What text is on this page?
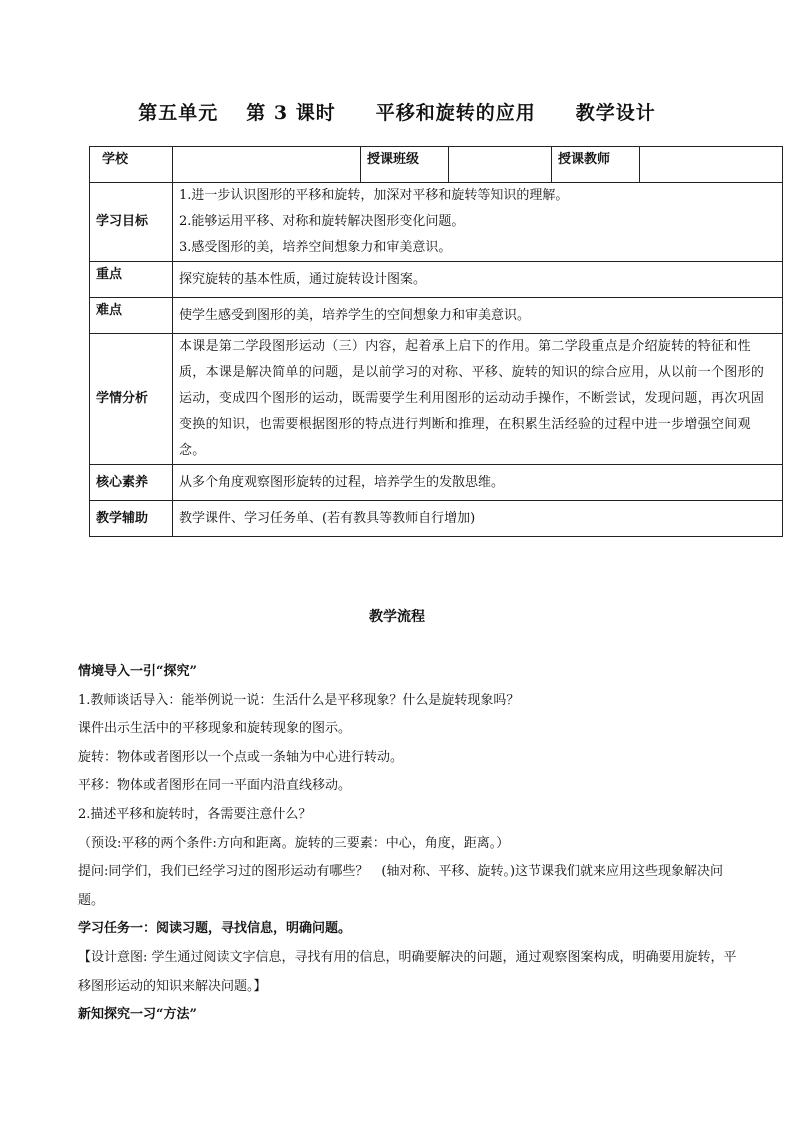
第五单元 第 3 课时 平移和旋转的应用 教学设计
学校		授课班级		授课教师	
学习目标	1.进一步认识图形的平移和旋转，加深对平移和旋转等知识的理解。

2.能够运用平移、对称和旋转解决图形变化问题。

3.感受图形的美，培养空间想象力和审美意识。				

重点	探究旋转的基本性质，通过旋转设计图案。				
难点	使学生感受到图形的美，培养学生的空间想象力和审美意识。				
学情分析	本课是第二学段图形运动（三）内容，起着承上启下的作用。第二学段重点是介绍旋转的特征和性质，本课是解决简单的问题，是以前学习的对称、平移、旋转的知识的综合应用，从以前一个图形的运动，变成四个图形的运动，既需要学生利用图形的运动动手操作，不断尝试，发现问题，再次巩固变换的知识，也需要根据图形的特点进行判断和推理，在积累生活经验的过程中进一步增强空间观念。				
核心素养	从多个角度观察图形旋转的过程，培养学生的发散思维。				
教学辅助	教学课件、学习任务单、(若有教具等教师自行增加)				
教学流程

情境导入一引“探究”

1.教师谈话导入：能举例说一说：生活什么是平移现象？什么是旋转现象吗？

课件出示生活中的平移现象和旋转现象的图示。

旋转：物体或者图形以一个点或一条轴为中心进行转动。

平移：物体或者图形在同一平面内沿直线移动。

2.描述平移和旋转时，各需要注意什么？

（预设:平移的两个条件:方向和距离。旋转的三要素：中心，角度，距离。）

提问:同学们，我们已经学习过的图形运动有哪些？　(轴对称、平移、旋转。)这节课我们就来应用这些现象解决问题。

学习任务一：阅读习题，寻找信息，明确问题。

【设计意图: 学生通过阅读文字信息，寻找有用的信息，明确要解决的问题，通过观察图案构成，明确要用旋转，平移图形运动的知识来解决问题。】

新知探究一习“方法”
